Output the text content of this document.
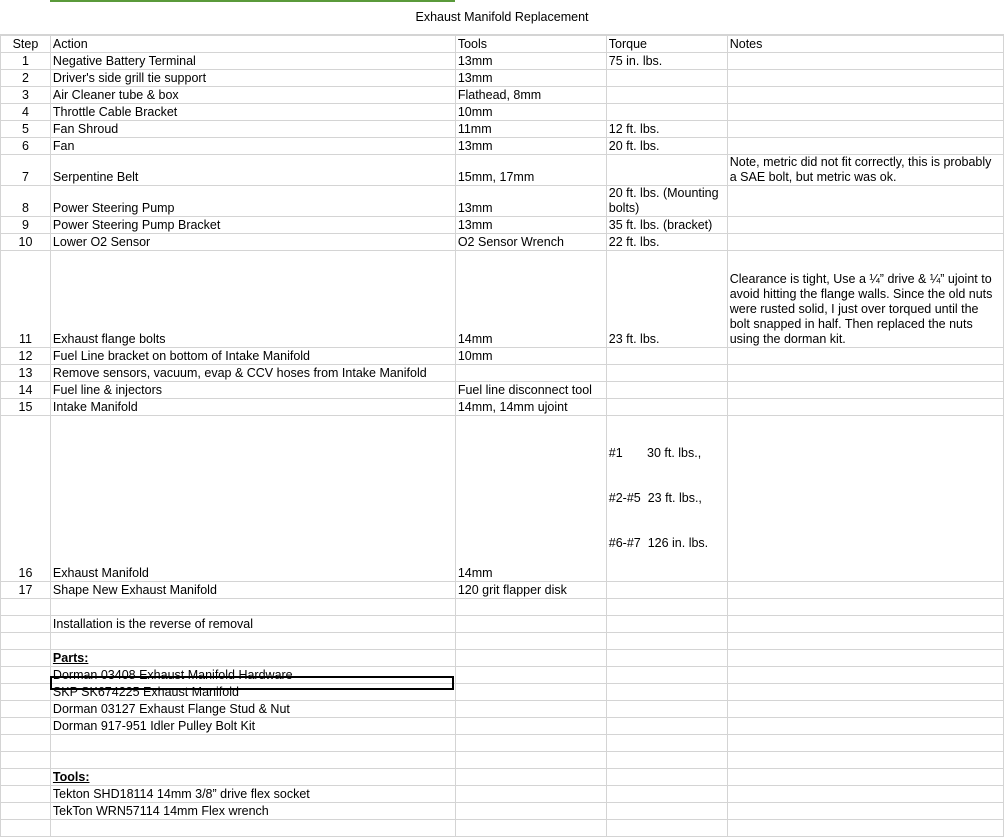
Exhaust Manifold Replacement
Step	Action	Tools	Torque	Notes
1	Negative Battery Terminal	13mm	75 in. lbs.	
2	Driver's side grill tie support	13mm		
3	Air Cleaner tube & box	Flathead, 8mm		
4	Throttle Cable Bracket	10mm		
5	Fan Shroud	11mm	12 ft. lbs.	
6	Fan	13mm	20 ft. lbs.	
7	Serpentine Belt	15mm, 17mm		Note, metric did not fit correctly, this is probably a SAE bolt, but metric was ok.
8	Power Steering Pump	13mm	20 ft. lbs. (Mounting bolts)	
9	Power Steering Pump Bracket	13mm	35 ft. lbs. (bracket)	
10	Lower O2 Sensor	O2 Sensor Wrench	22 ft. lbs.	
11	Exhaust flange bolts	14mm	23 ft. lbs.	Clearance is tight, Use a ¼” drive & ¼” ujoint to avoid hitting the flange walls. Since the old nuts were rusted solid, I just over torqued until the bolt snapped in half. Then replaced the nuts using the dorman kit.
12	Fuel Line bracket on bottom of Intake Manifold	10mm		
13	Remove sensors, vacuum, evap & CCV hoses from Intake Manifold			
14	Fuel line & injectors	Fuel line disconnect tool		
15	Intake Manifold	14mm, 14mm ujoint		
16	Exhaust Manifold	14mm	#1       30 ft. lbs.,

#2-#5  23 ft. lbs.,

#6-#7  126 in. lbs.	

17	Shape New Exhaust Manifold	120 grit flapper disk		

	Installation is the reverse of removal			

	Parts:			
	Dorman 03408 Exhaust Manifold Hardware			
	SKP SK674225 Exhaust Manifold			
	Dorman 03127 Exhaust Flange Stud & Nut			
	Dorman 917-951 Idler Pulley Bolt Kit			

	Tools:			
	Tekton SHD18114 14mm 3/8” drive flex socket			
	TekTon WRN57114 14mm Flex wrench			
